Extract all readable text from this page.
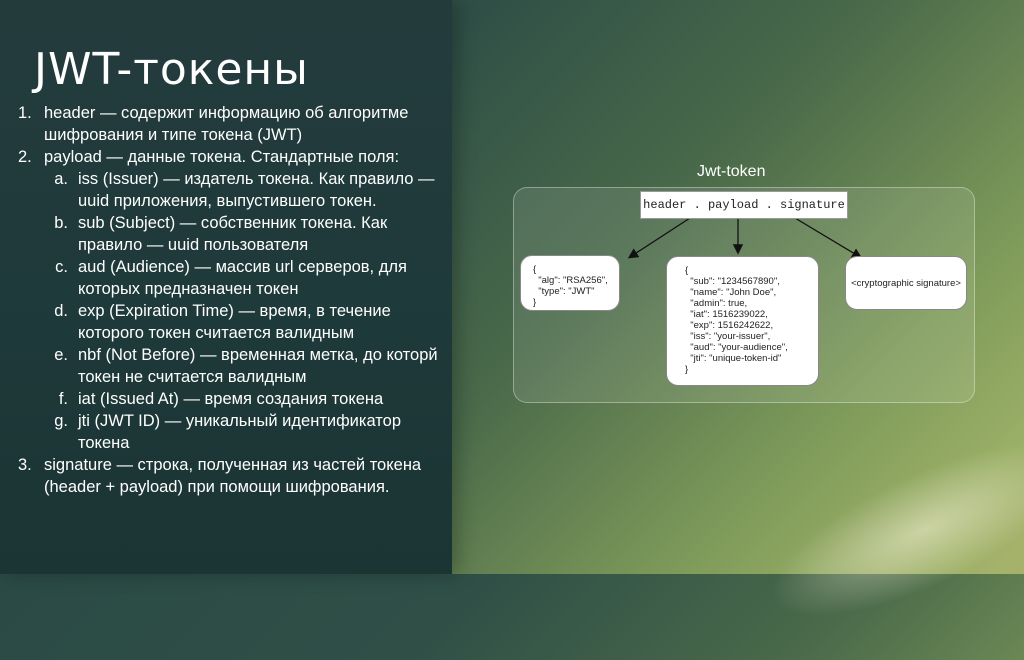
JWT-токены
1. header — содержит информацию об алгоритме шифрования и типе токена (JWT)
2. payload — данные токена. Стандартные поля:
a. iss (Issuer) — издатель токена. Как правило — uuid приложения, выпустившего токен.
b. sub (Subject) — собственник токена. Как правило — uuid пользователя
c. aud (Audience) — массив url серверов, для которых предназначен токен
d. exp (Expiration Time) — время, в течение которого токен считается валидным
e. nbf (Not Before) — временная метка, до которй токен не считается валидным
f. iat (Issued At) — время создания токена
g. jti (JWT ID) — уникальный идентификатор токена
3. signature — строка, полученная из частей токена (header + payload) при помощи шифрования.
Jwt-token
header . payload . signature
{
"alg": "RSA256",
"type": "JWT"
}
{
"sub": "1234567890",
"name": "John Doe",
"admin": true,
"iat": 1516239022,
"exp": 1516242622,
"iss": "your-issuer",
"aud": "your-audience",
"jti": "unique-token-id"
}
<cryptographic signature>
